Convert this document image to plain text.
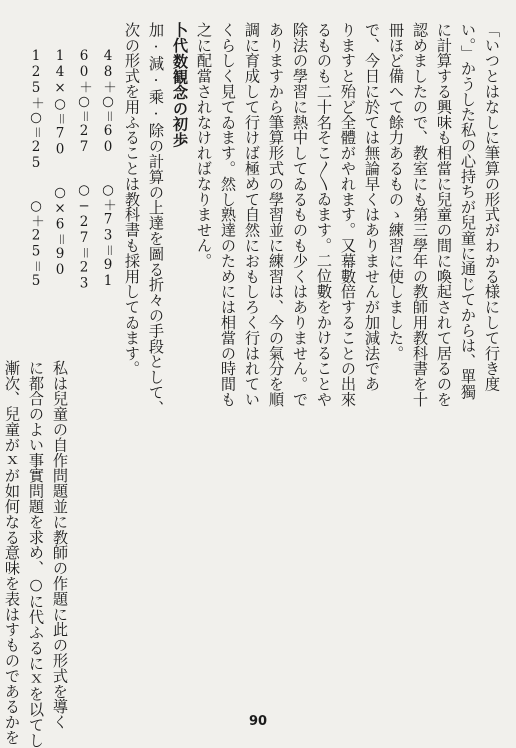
「いつとはなしに筆算の形式がわかる様にして行き度
い。」かうした私の心持ちが兒童に通じてからは、單獨
に計算する興味も相當に兒童の間に喚起されて居るのを
認めましたので、教室にも第三學年の教師用教科書を十
冊ほど備へて餘力あるものゝ練習に使しました。
で、今日に於ては無論早くはありませんが加減法であ
りますと殆ど全體がやれます。又幕數倍することの出來
るものも二十名そこ〳〵ゐます。二位數をかけることや
除法の學習に熱中してゐるものも少くはありません。で
ありますから筆算形式の學習並に練習は、今の氣分を順
調に育成して行けば極めて自然におもしろく行はれてい
くらしく見てゐます。然し熟達のためには相當の時間も
之に配當されなければなりません。
卜代数観念の初歩
加·減·乘·除の計算の上達を圖る折々の手段として、
次の形式を用ふることは教科書も採用してゐます。
48＋○＝60　　○＋73＝91
60＋○＝27　　○−27＝23
14×○＝70　　○×6＝90
125＋○＝25　　○＋25＝5
私は兒童の自作問題並に教師の作題に此の形式を導く
に都合のよい事實問題を求め、○に代ふるにｘを以てし
漸次、兒童がｘが如何なる意味を表はすものであるかを	90
